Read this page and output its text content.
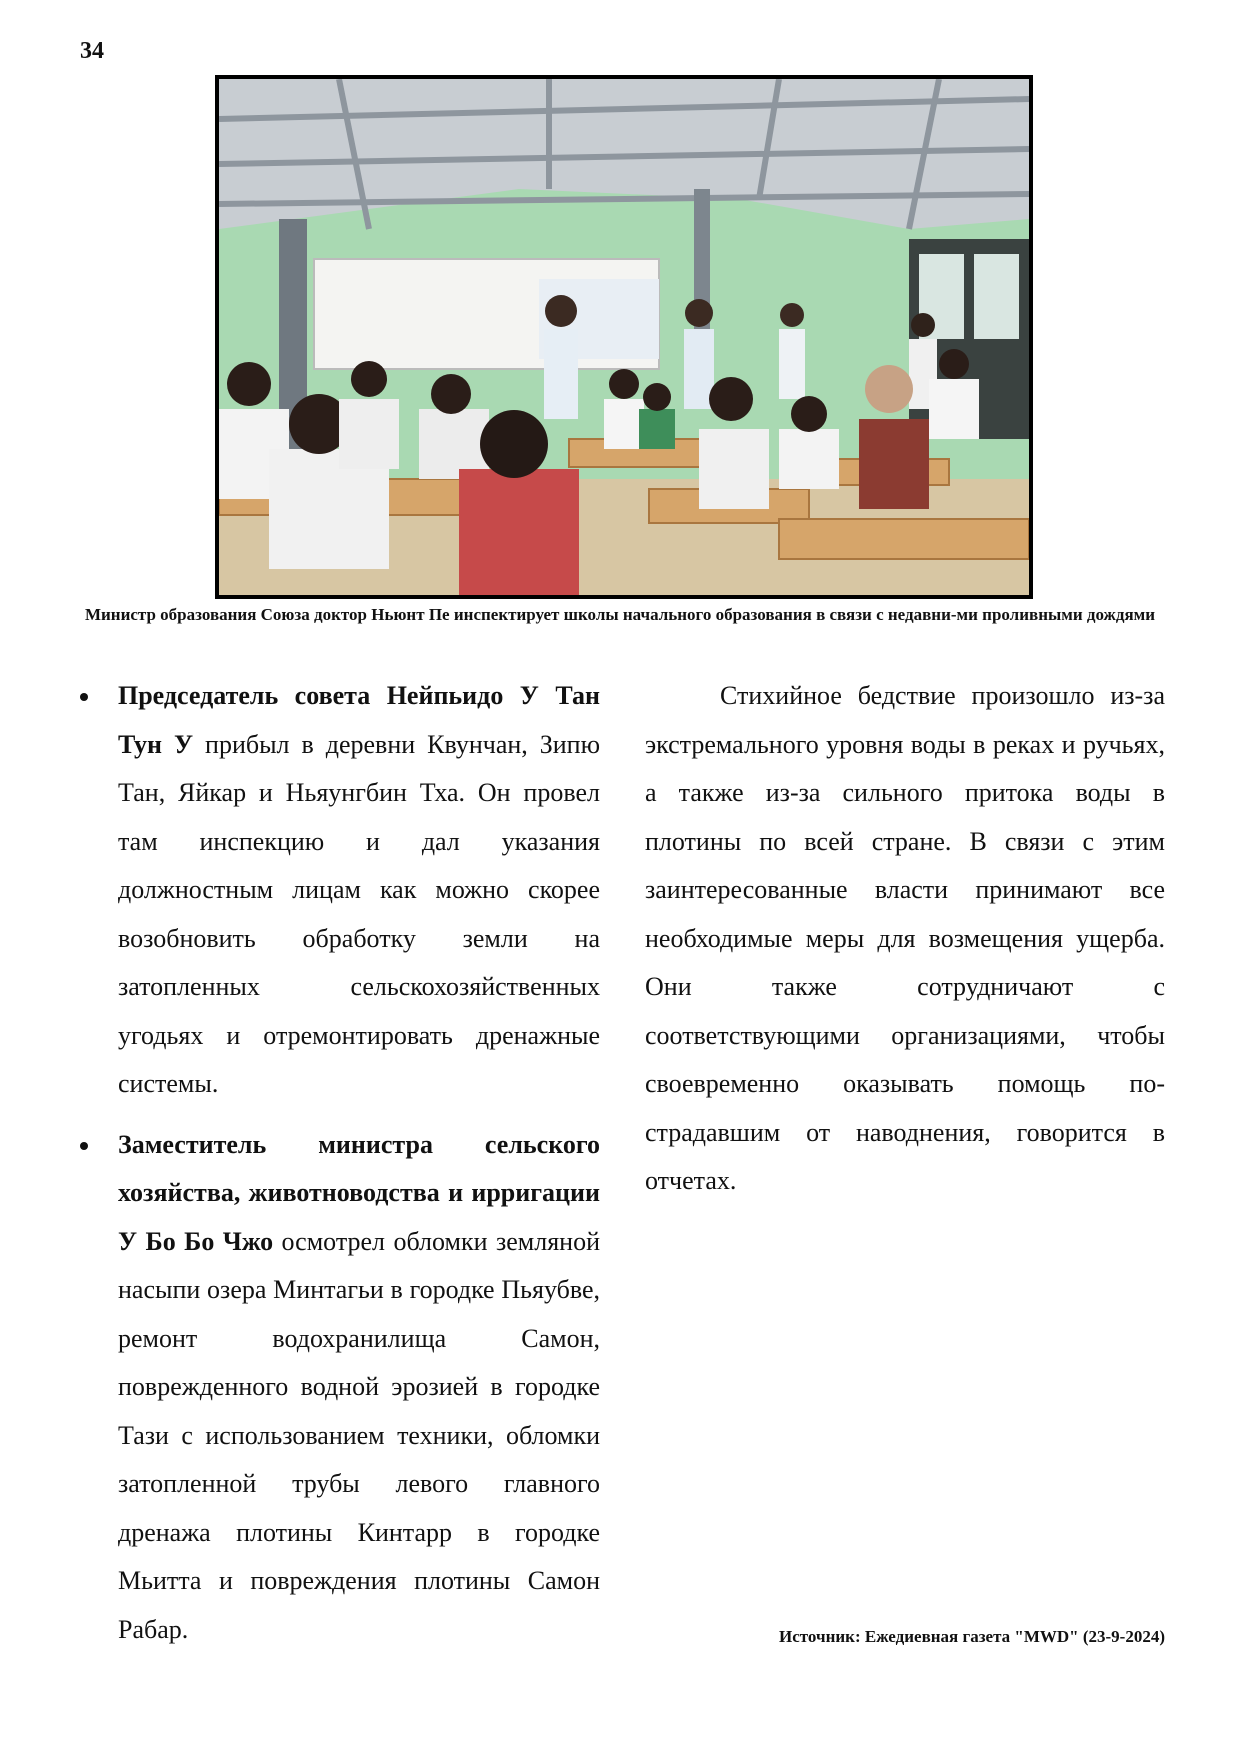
34
Министр образования Союза доктор Ньюнт Пе инспектирует школы начального образования в связи с недавни-ми проливными дождями

Председатель совета Нейпьидо У Тан Тун У прибыл в деревни Квунчан, Зипю Тан, Яйкар и Ньяунгбин Тха. Он провел там инспекцию и дал указания должностным лицам как можно скорее возобновить обработку земли на затопленных сельскохозяйственных угодьях и отремонтировать дренажные системы.

Заместитель министра сельского хозяйства, животноводства и ирригации У Бо Бо Чжо осмотрел обломки земляной насыпи озера Минтагьи в городке Пьяубве, ремонт водохранилища Самон, поврежденного водной эрозией в городке Тази с использованием техники, обломки затопленной трубы левого главного дренажа плотины Кинтарр в городке Мьитта и повреждения плотины Самон Рабар.

Стихийное бедствие произошло из-за экстремального уровня воды в реках и ручьях, а также из-за сильного притока воды в плотины по всей стране. В связи с этим заинтересованные власти принимают все необходимые меры для возмещения ущерба. Они также сотрудничают с соответствующими организациями, чтобы своевременно оказывать помощь пострадавшим от наводнения, говорится в отчетах.

Источник: Ежедиевная газета "MWD" (23-9-2024)
